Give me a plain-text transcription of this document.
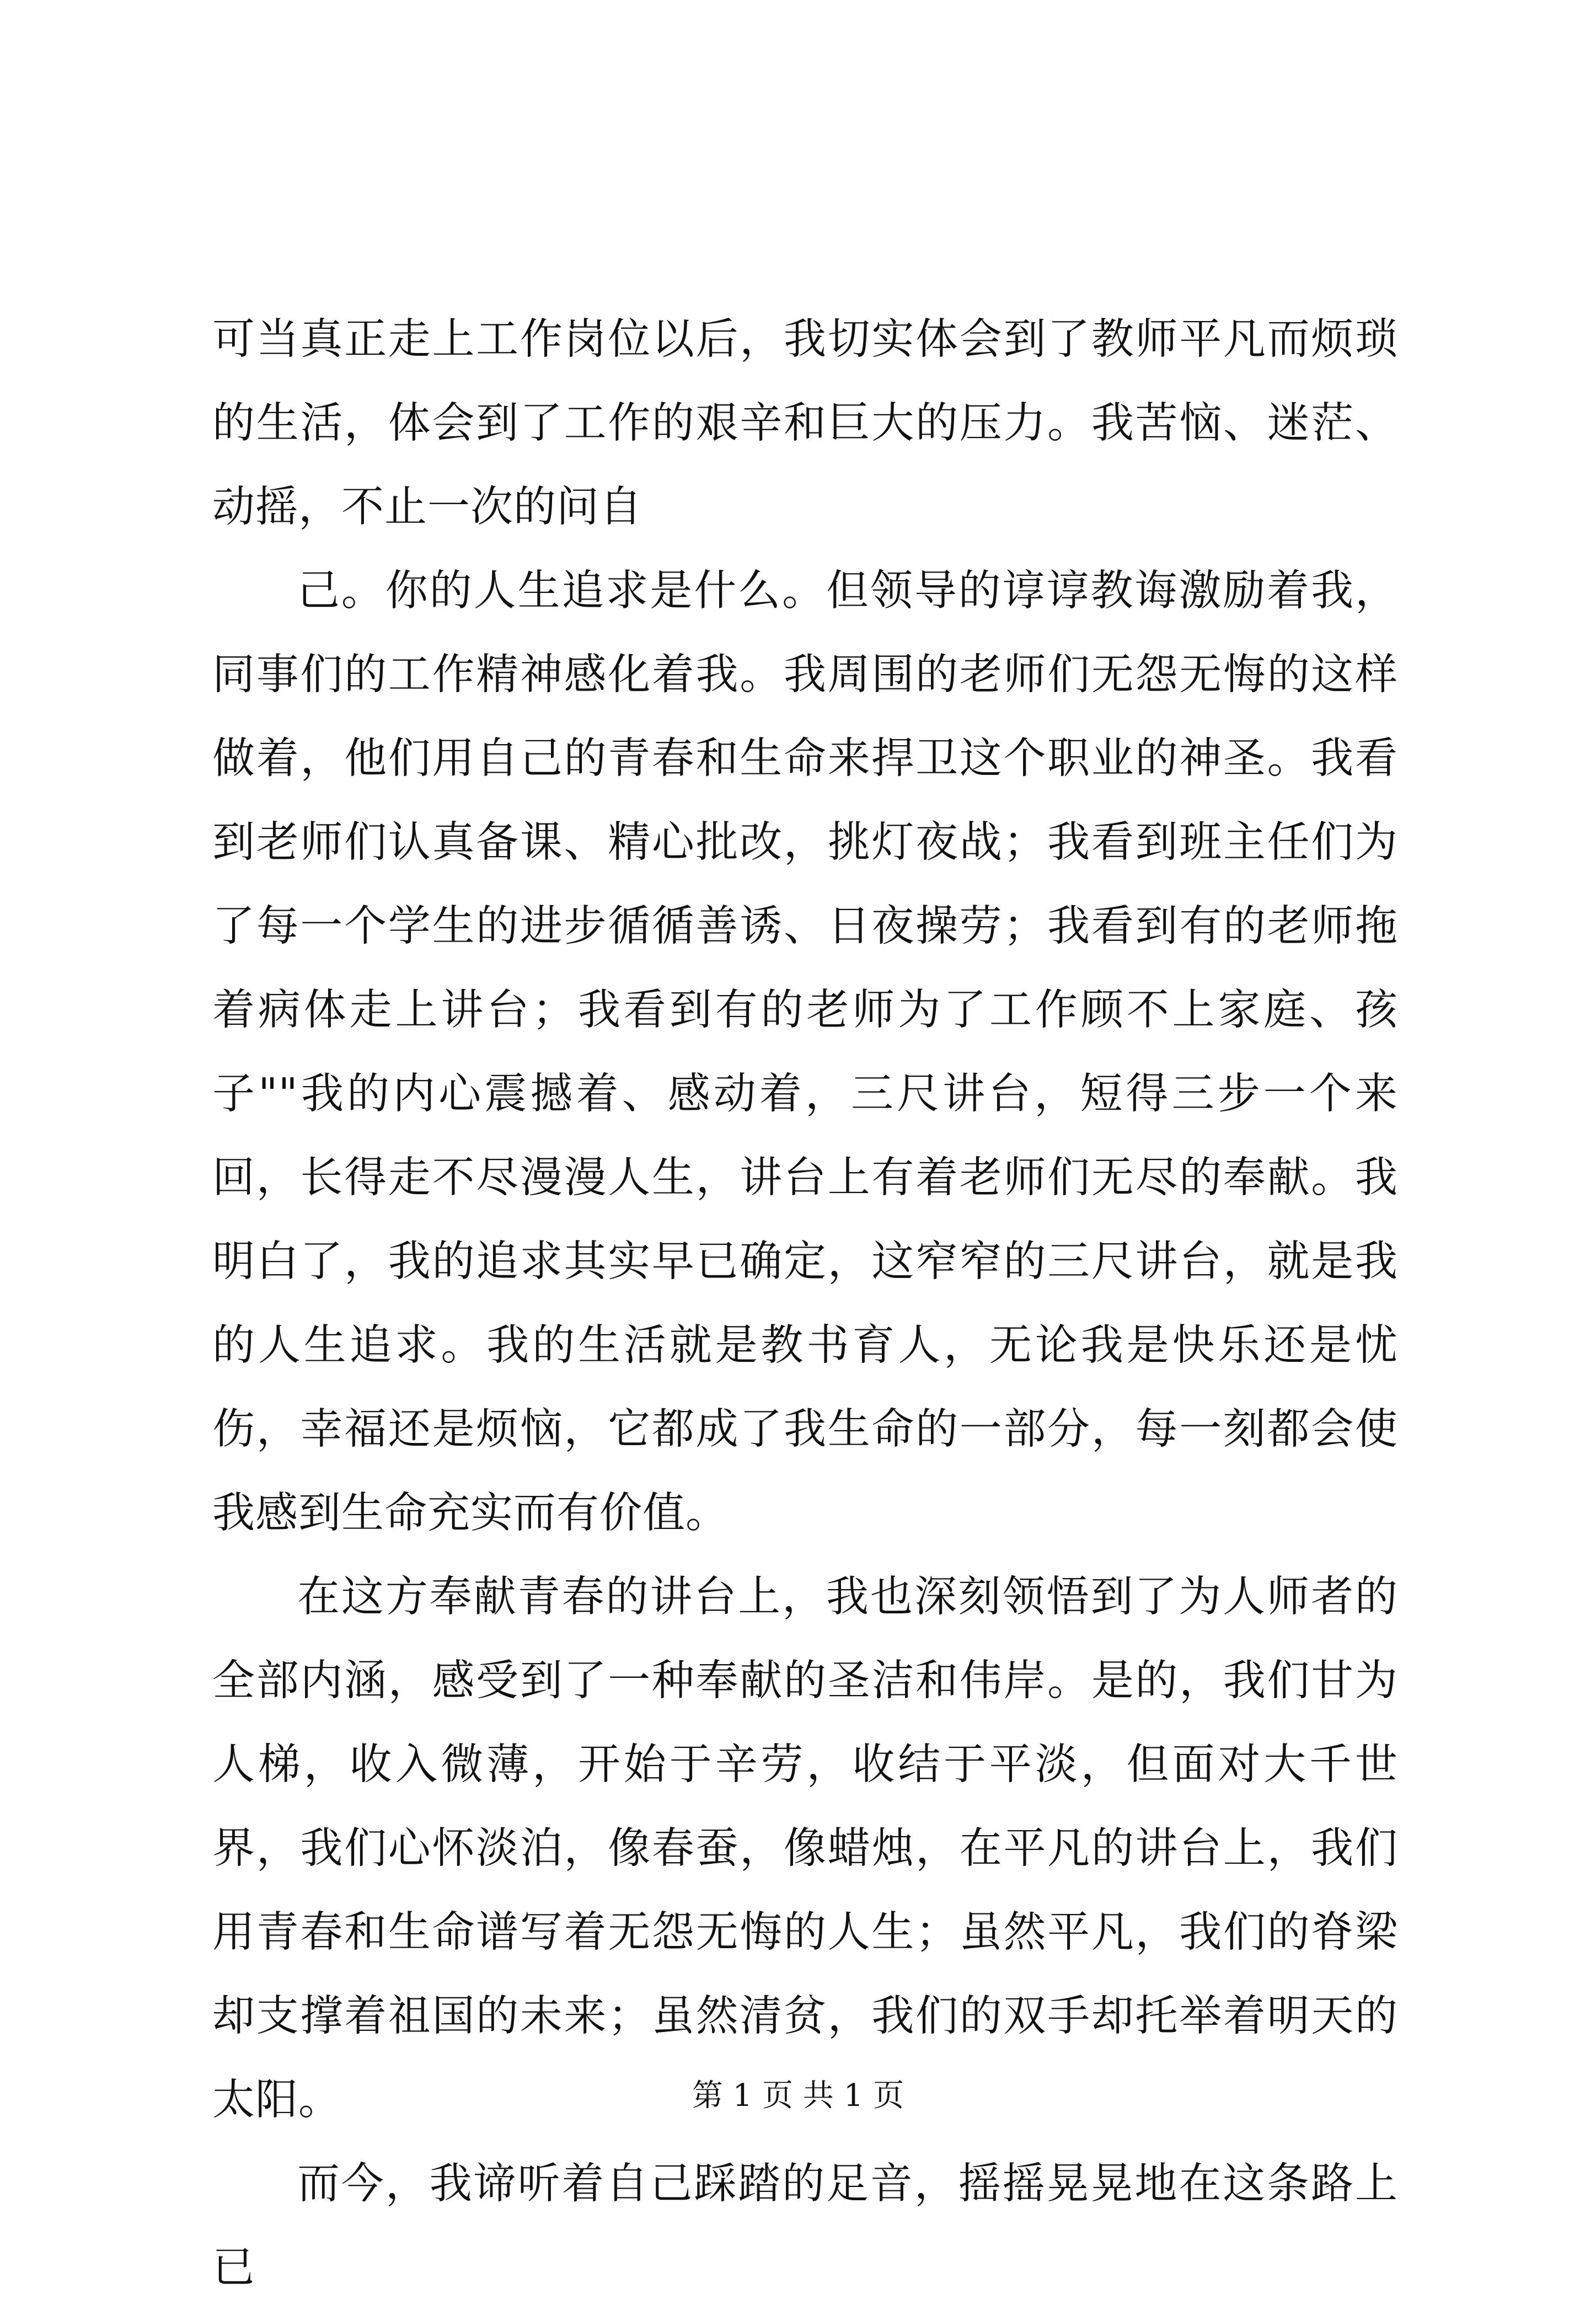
可当真正走上工作岗位以后，我切实体会到了教师平凡而烦琐的生活，体会到了工作的艰辛和巨大的压力。我苦恼、迷茫、动摇，不止一次的问自

己。你的人生追求是什么。但领导的谆谆教诲激励着我，同事们的工作精神感化着我。我周围的老师们无怨无悔的这样做着，他们用自己的青春和生命来捍卫这个职业的神圣。我看到老师们认真备课、精心批改，挑灯夜战；我看到班主任们为了每一个学生的进步循循善诱、日夜操劳；我看到有的老师拖着病体走上讲台；我看到有的老师为了工作顾不上家庭、孩子""我的内心震撼着、感动着，三尺讲台，短得三步一个来回，长得走不尽漫漫人生，讲台上有着老师们无尽的奉献。我明白了，我的追求其实早已确定，这窄窄的三尺讲台，就是我的人生追求。我的生活就是教书育人，无论我是快乐还是忧伤，幸福还是烦恼，它都成了我生命的一部分，每一刻都会使我感到生命充实而有价值。

在这方奉献青春的讲台上，我也深刻领悟到了为人师者的全部内涵，感受到了一种奉献的圣洁和伟岸。是的，我们甘为人梯，收入微薄，开始于辛劳，收结于平淡，但面对大千世界，我们心怀淡泊，像春蚕，像蜡烛，在平凡的讲台上，我们用青春和生命谱写着无怨无悔的人生；虽然平凡，我们的脊梁却支撑着祖国的未来；虽然清贫，我们的双手却托举着明天的太阳。

而今，我谛听着自己踩踏的足音，摇摇晃晃地在这条路上已

第 1 页 共 1 页
